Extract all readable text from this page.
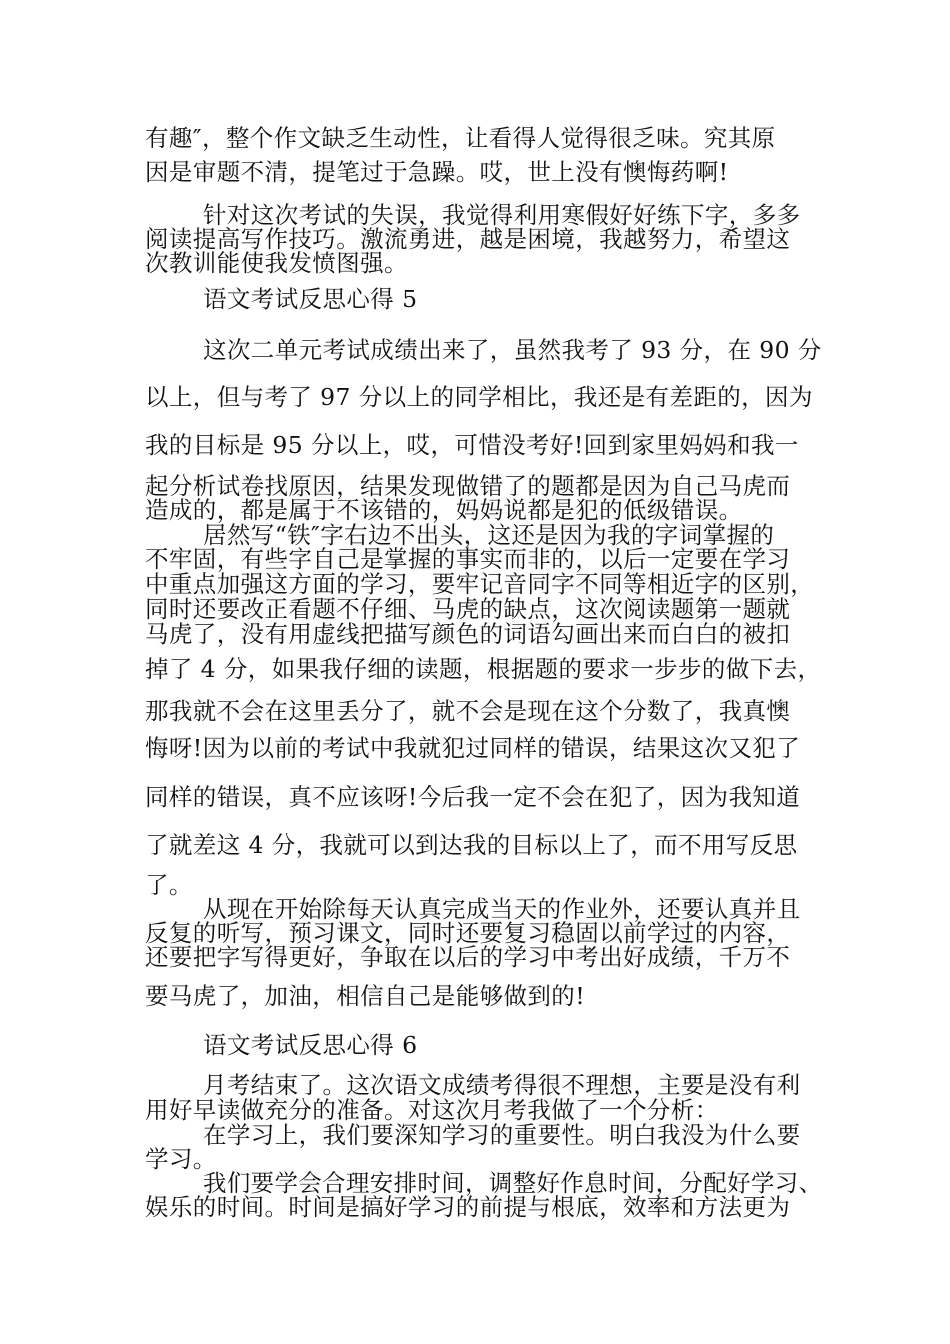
有趣″，整个作文缺乏生动性，让看得人觉得很乏味。究其原
因是审题不清，提笔过于急躁。哎，世上没有懊悔药啊!
针对这次考试的失误，我觉得利用寒假好好练下字，多多
阅读提高写作技巧。激流勇进，越是困境，我越努力，希望这
次教训能使我发愤图强。
语文考试反思心得 5
这次二单元考试成绩出来了，虽然我考了 93 分，在 90 分
以上，但与考了 97 分以上的同学相比，我还是有差距的，因为
我的目标是 95 分以上，哎，可惜没考好!回到家里妈妈和我一
起分析试卷找原因，结果发现做错了的题都是因为自己马虎而
造成的，都是属于不该错的，妈妈说都是犯的低级错误。
居然写“铁″字右边不出头，这还是因为我的字词掌握的
不牢固，有些字自己是掌握的事实而非的，以后一定要在学习
中重点加强这方面的学习，要牢记音同字不同等相近字的区别，
同时还要改正看题不仔细、马虎的缺点，这次阅读题第一题就
马虎了，没有用虚线把描写颜色的词语勾画出来而白白的被扣
掉了 4 分，如果我仔细的读题，根据题的要求一步步的做下去，
那我就不会在这里丢分了，就不会是现在这个分数了，我真懊
悔呀!因为以前的考试中我就犯过同样的错误，结果这次又犯了
同样的错误，真不应该呀!今后我一定不会在犯了，因为我知道
了就差这 4 分，我就可以到达我的目标以上了，而不用写反思
了。
从现在开始除每天认真完成当天的作业外，还要认真并且
反复的听写，预习课文，同时还要复习稳固以前学过的内容，
还要把字写得更好，争取在以后的学习中考出好成绩，千万不
要马虎了，加油，相信自己是能够做到的!
语文考试反思心得 6
月考结束了。这次语文成绩考得很不理想，主要是没有利
用好早读做充分的准备。对这次月考我做了一个分析：
在学习上，我们要深知学习的重要性。明白我没为什么要
学习。
我们要学会合理安排时间，调整好作息时间，分配好学习、
娱乐的时间。时间是搞好学习的前提与根底，效率和方法更为
